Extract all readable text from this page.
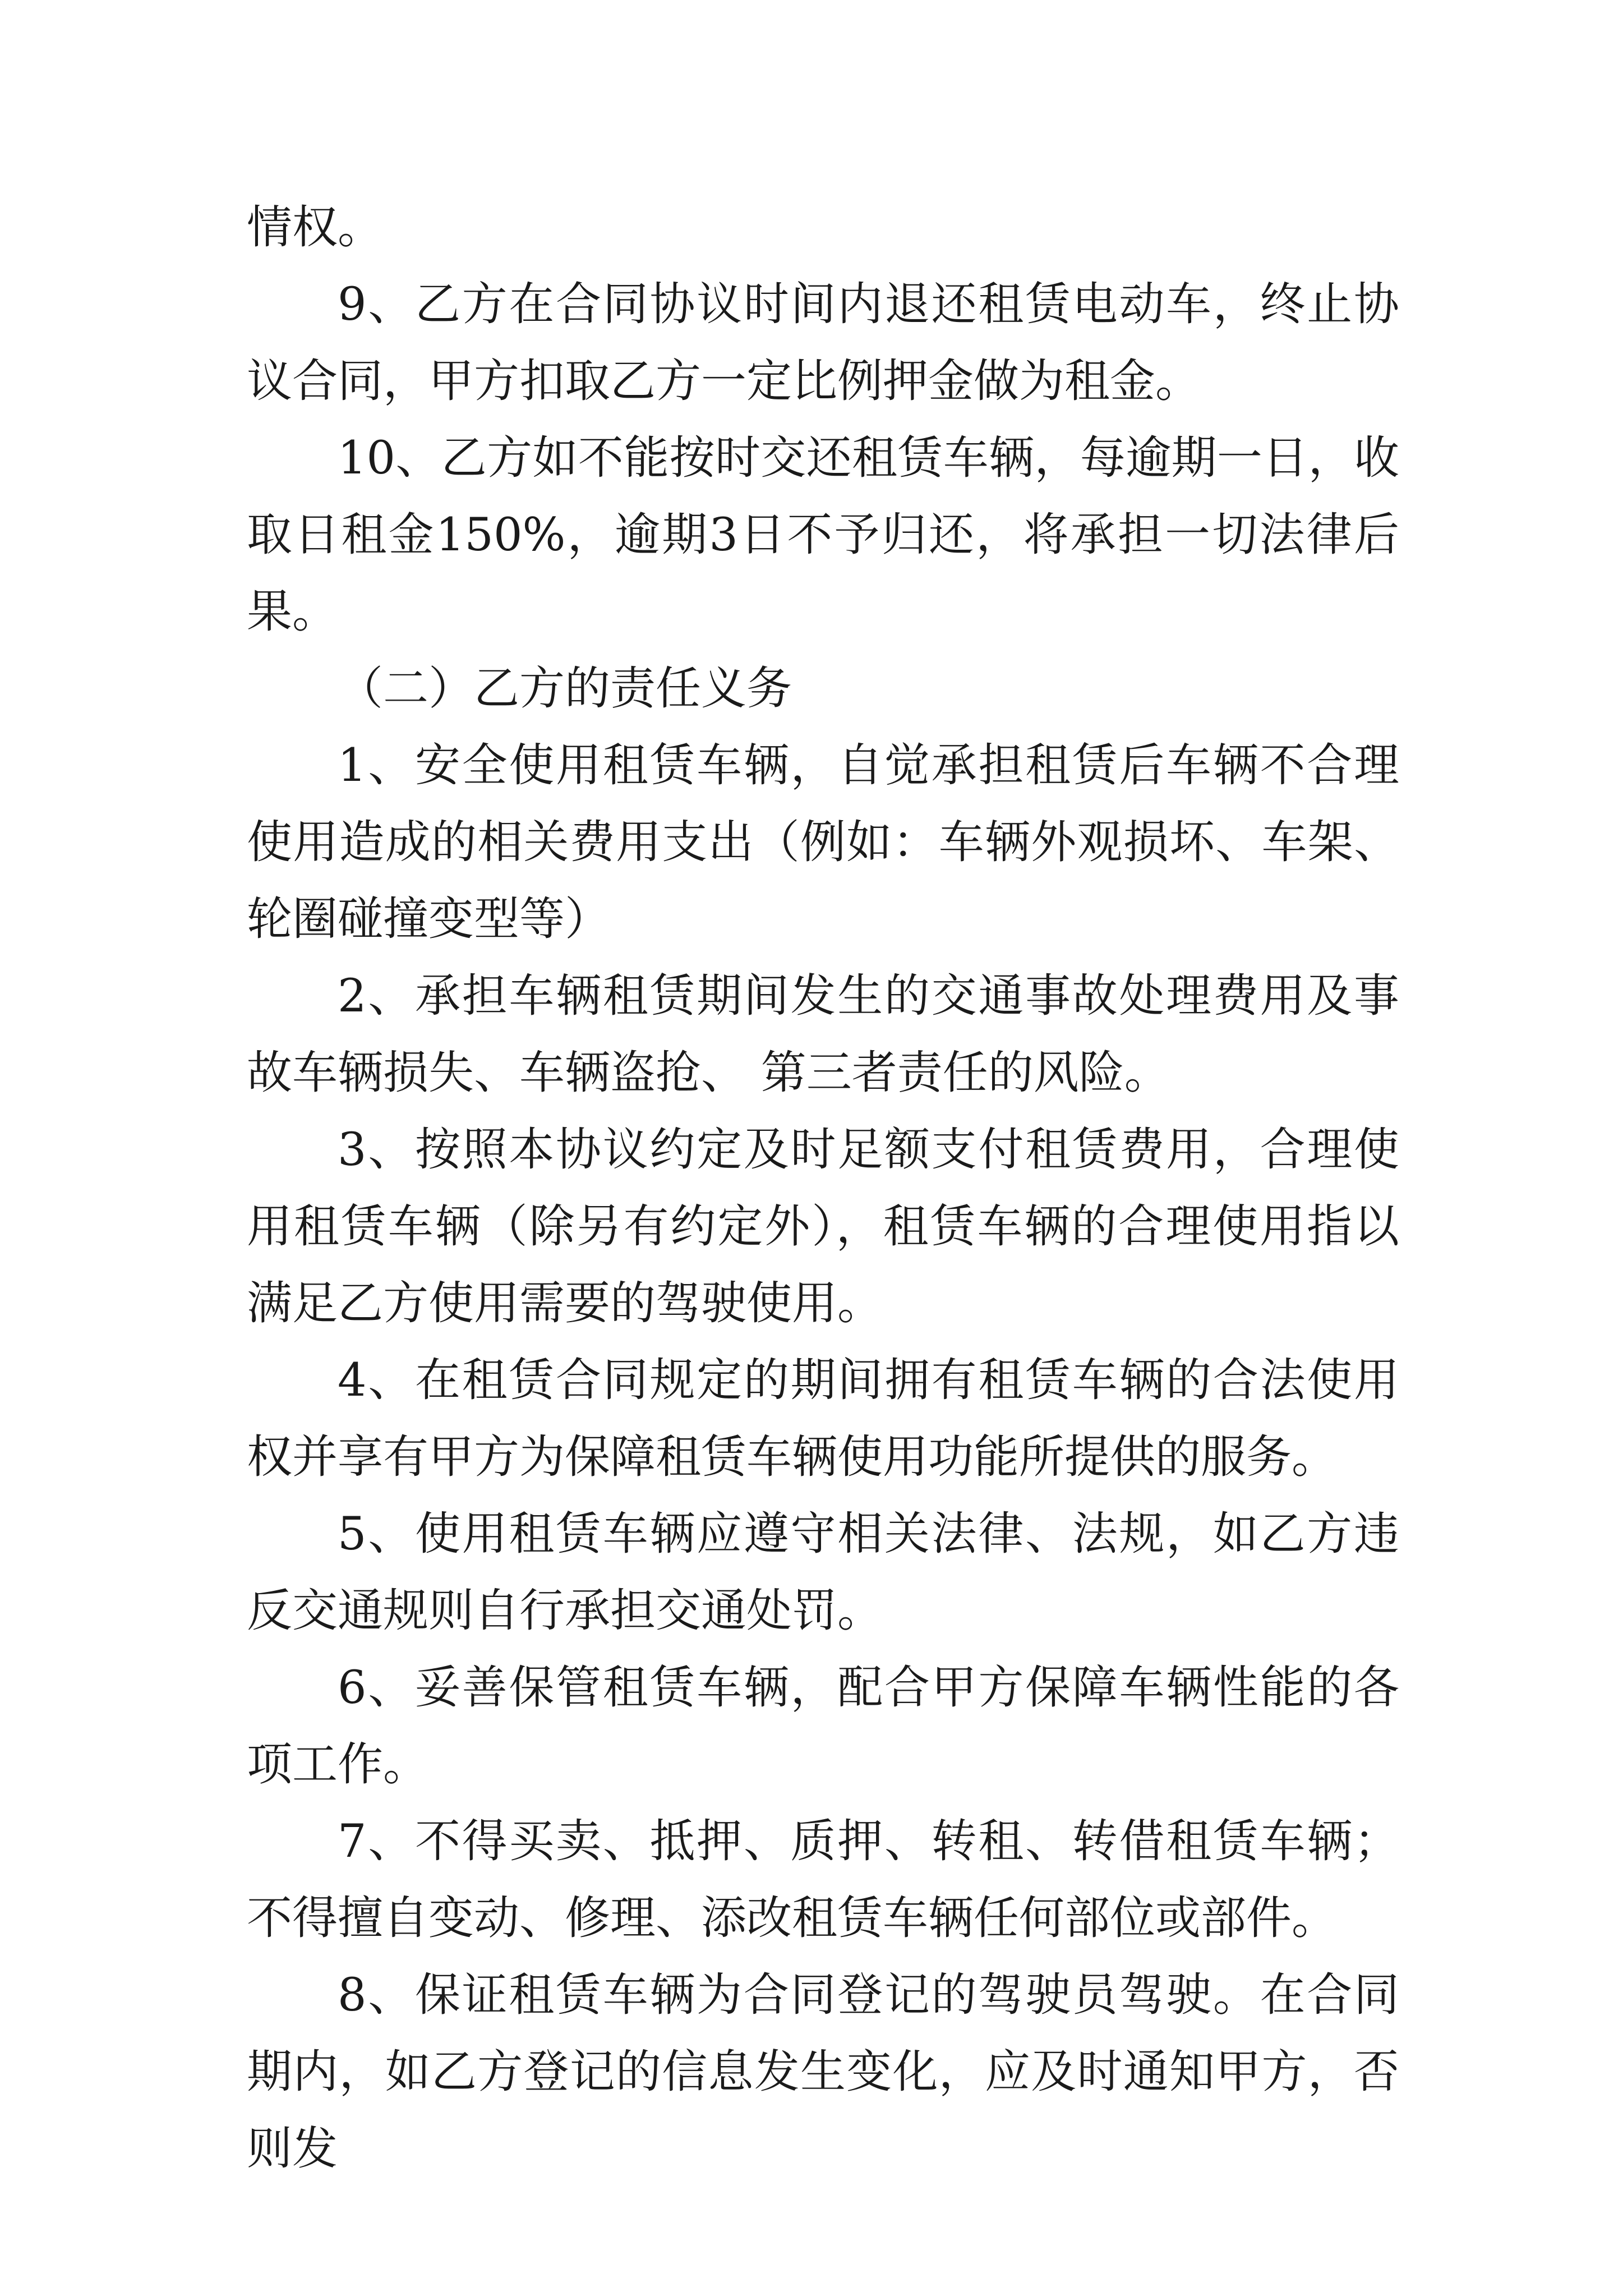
情权。

9、乙方在合同协议时间内退还租赁电动车，终止协议合同，甲方扣取乙方一定比例押金做为租金。

10、乙方如不能按时交还租赁车辆，每逾期一日，收取日租金150%，逾期3日不予归还，将承担一切法律后果。

（二）乙方的责任义务

1、安全使用租赁车辆，自觉承担租赁后车辆不合理使用造成的相关费用支出（例如：车辆外观损坏、车架、轮圈碰撞变型等）

2、承担车辆租赁期间发生的交通事故处理费用及事故车辆损失、车辆盗抢、 第三者责任的风险。

3、按照本协议约定及时足额支付租赁费用，合理使用租赁车辆（除另有约定外），租赁车辆的合理使用指以满足乙方使用需要的驾驶使用。

4、在租赁合同规定的期间拥有租赁车辆的合法使用权并享有甲方为保障租赁车辆使用功能所提供的服务。

5、使用租赁车辆应遵守相关法律、法规，如乙方违反交通规则自行承担交通处罚。

6、妥善保管租赁车辆，配合甲方保障车辆性能的各项工作。

7、不得买卖、抵押、质押、转租、转借租赁车辆；不得擅自变动、修理、添改租赁车辆任何部位或部件。

8、保证租赁车辆为合同登记的驾驶员驾驶。在合同期内，如乙方登记的信息发生变化，应及时通知甲方，否则发
